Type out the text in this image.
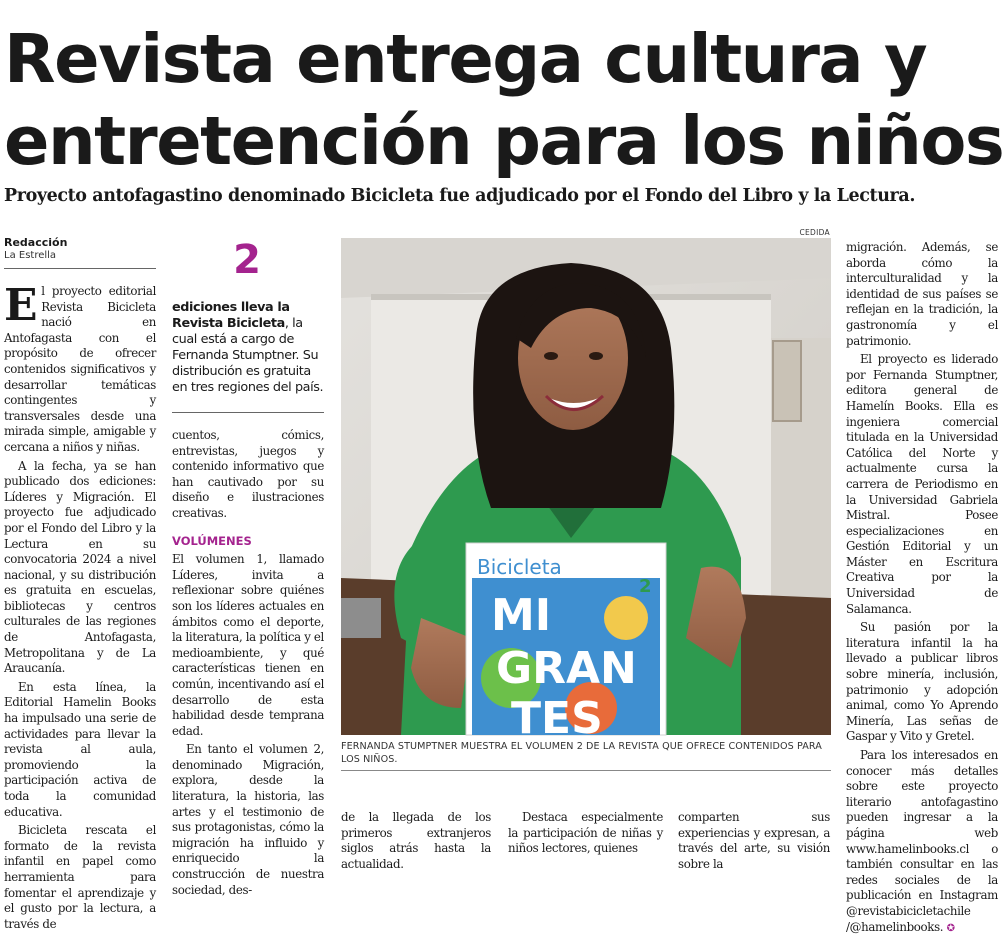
Revista entrega cultura y
entretención para los niños
Proyecto antofagastino denominado Bicicleta fue adjudicado por el Fondo del Libro y la Lectura.
Redacción
La Estrella

El proyecto editorial Revista Bicicleta nació en Antofagasta con el propósito de ofrecer contenidos significativos y desarrollar temáticas contingentes y transversales desde una mirada simple, amigable y cercana a niños y niñas.

A la fecha, ya se han publicado dos ediciones: Líderes y Migración. El proyecto fue adjudicado por el Fondo del Libro y la Lectura en su convocatoria 2024 a nivel nacional, y su distribución es gratuita en escuelas, bibliotecas y centros culturales de las regiones de Antofagasta, Metropolitana y de La Araucanía.

En esta línea, la Editorial Hamelin Books ha impulsado una serie de actividades para llevar la revista al aula, promoviendo la participación activa de toda la comunidad educativa.

Bicicleta rescata el formato de la revista infantil en papel como herramienta para fomentar el aprendizaje y el gusto por la lectura, a través de

2
ediciones lleva la Revista Bicicleta, la cual está a cargo de Fernanda Stumptner. Su distribución es gratuita en tres regiones del país.

cuentos, cómics, entrevistas, juegos y contenido informativo que han cautivado por su diseño e ilustraciones creativas.

VOLÚMENES

El volumen 1, llamado Líderes, invita a reflexionar sobre quiénes son los líderes actuales en ámbitos como el deporte, la literatura, la política y el medioambiente, y qué características tienen en común, incentivando así el desarrollo de esta habilidad desde temprana edad.

En tanto el volumen 2, denominado Migración, explora, desde la literatura, la historia, las artes y el testimonio de sus protagonistas, cómo la migración ha influido y enriquecido la construcción de nuestra sociedad, des-

CEDIDA
Bicicleta
2
MI
GRAN
TES
FERNANDA STUMPTNER MUESTRA EL VOLUMEN 2 DE LA REVISTA QUE OFRECE CONTENIDOS PARA LOS NIÑOS.

de la llegada de los primeros extranjeros siglos atrás hasta la actualidad.

Destaca especialmente la participación de niñas y niños lectores, quienes

comparten sus experiencias y expresan, a través del arte, su visión sobre la

migración. Además, se aborda cómo la interculturalidad y la identidad de sus países se reflejan en la tradición, la gastronomía y el patrimonio.

El proyecto es liderado por Fernanda Stumptner, editora general de Hamelín Books. Ella es ingeniera comercial titulada en la Universidad Católica del Norte y actualmente cursa la carrera de Periodismo en la Universidad Gabriela Mistral. Posee especializaciones en Gestión Editorial y un Máster en Escritura Creativa por la Universidad de Salamanca.

Su pasión por la literatura infantil la ha llevado a publicar libros sobre minería, inclusión, patrimonio y adopción animal, como Yo Aprendo Minería, Las señas de Gaspar y Vito y Gretel.

Para los interesados en conocer más detalles sobre este proyecto literario antofagastino pueden ingresar a la página web www.hamelinbooks.cl o también consultar en las redes sociales de la publicación en Instagram @revistabicicletachile /@hamelinbooks. ✪
